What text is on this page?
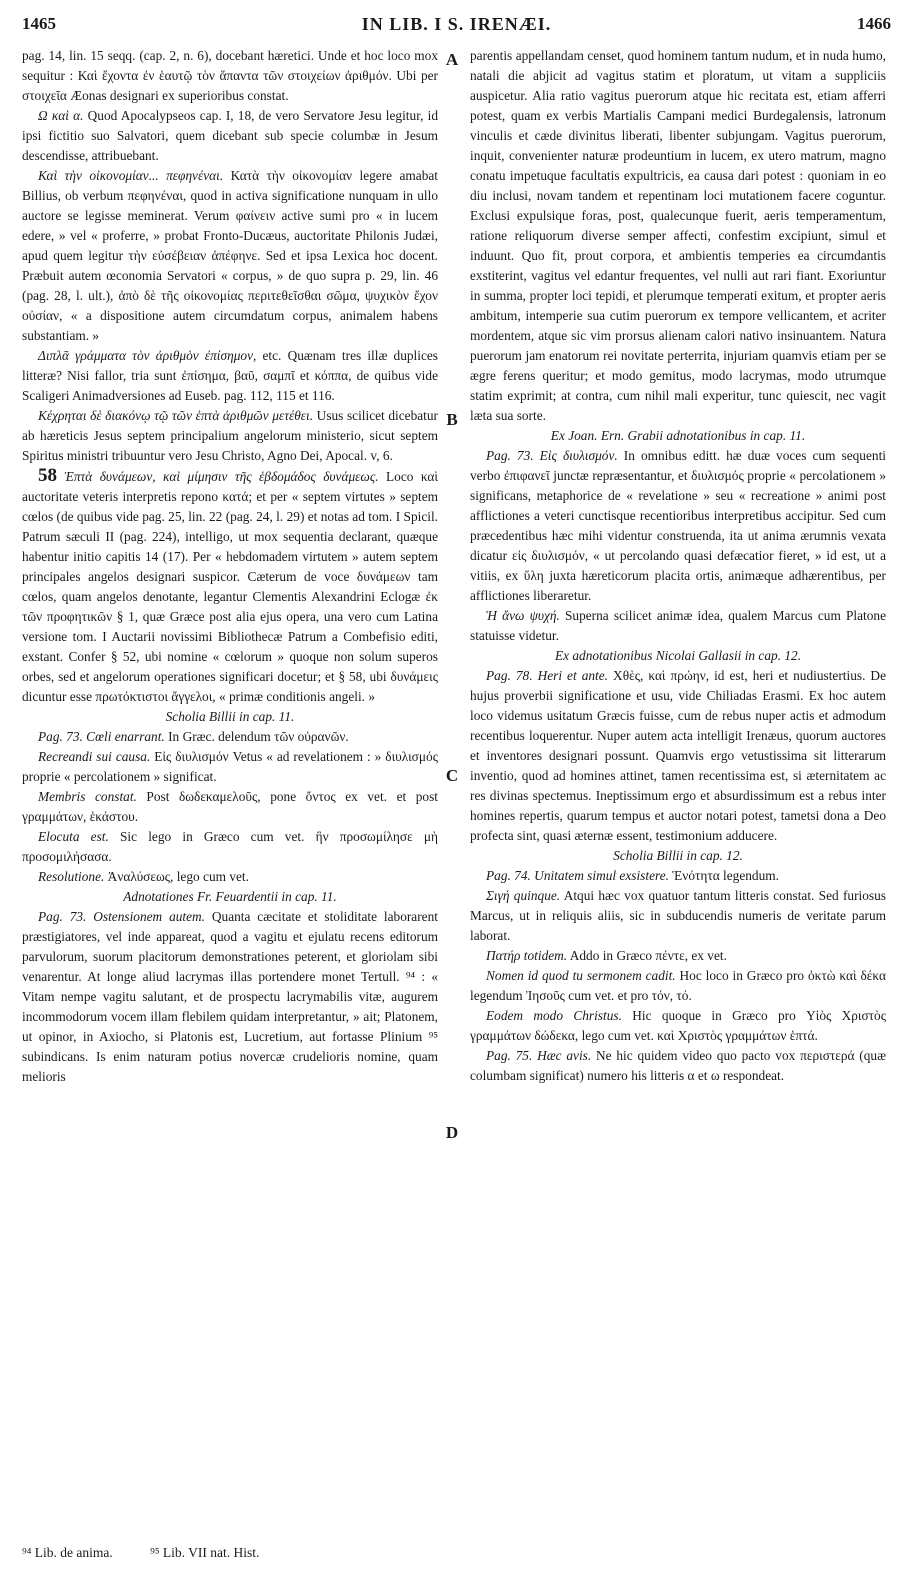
1465	IN LIB. I S. IRENÆI.	1466

pag. 14, lin. 15 seqq. (cap. 2, n. 6), docebant hæretici. Unde et hoc loco mox sequitur : Καὶ ἔχοντα ἐν ἑαυτῷ τὸν ἅπαντα τῶν στοιχείων ἀριθμόν. Ubi per στοιχεῖα Æonas designari ex superioribus constat.

Ω καὶ α. Quod Apocalypseos cap. I, 18, de vero Servatore Jesu legitur, id ipsi fictitio suo Salvatori, quem dicebant sub specie columbæ in Jesum descendisse, attribuebant.

Καὶ τὴν οἰκονομίαν... πεφηνέναι. Κατὰ τὴν οἰκονομίαν legere amabat Billius, ob verbum πεφηνέναι, quod in activa significatione nunquam in ullo auctore se legisse meminerat. Verum φαίνειν active sumi pro « in lucem edere, » vel « proferre, » probat Fronto-Ducæus, auctoritate Philonis Judæi, apud quem legitur τὴν εὐσέβειαν ἀπέφηνε. Sed et ipsa Lexica hoc docent. Præbuit autem œconomia Servatori « corpus, » de quo supra p. 29, lin. 46 (pag. 28, l. ult.), ἀπὸ δὲ τῆς οἰκονομίας περιτεθεῖσθαι σῶμα, ψυχικὸν ἔχον οὐσίαν, « a dispositione autem circumdatum corpus, animalem habens substantiam. »

Διπλᾶ γράμματα τὸν ἀριθμὸν ἐπίσημον, etc. Quænam tres illæ duplices litteræ? Nisi fallor, tria sunt ἐπίσημα, βαῦ, σαμπῖ et κόππα, de quibus vide Scaligeri Animadversiones ad Euseb. pag. 112, 115 et 116.

Κέχρηται δὲ διακόνῳ τῷ τῶν ἑπτὰ ἀριθμῶν μετέθει. Usus scilicet dicebatur ab hæreticis Jesus septem principalium angelorum ministerio, sicut septem Spiritus ministri tribuuntur vero Jesu Christo, Agno Dei, Apocal. v, 6.

58 Ἑπτὰ δυνάμεων, καὶ μίμησιν τῆς ἑβδομάδος δυνάμεως. Loco καὶ auctoritate veteris interpretis repono κατά; et per « septem virtutes » septem cœlos (de quibus vide pag. 25, lin. 22 (pag. 24, l. 29) et notas ad tom. I Spicil. Patrum sæculi II (pag. 224), intelligo, ut mox sequentia declarant, quæque habentur initio capitis 14 (17). Per « hebdomadem virtutem » autem septem principales angelos designari suspicor. Cæterum de voce δυνάμεων tam cœlos, quam angelos denotante, legantur Clementis Alexandrini Eclogæ ἐκ τῶν προφητικῶν § 1, quæ Græce post alia ejus opera, una vero cum Latina versione tom. I Auctarii novissimi Bibliothecæ Patrum a Combefisio editi, exstant. Confer § 52, ubi nomine « cœlorum » quoque non solum superos orbes, sed et angelorum operationes significari docetur; et § 58, ubi δυνάμεις dicuntur esse πρωτόκτιστοι ἄγγελοι, « primæ conditionis angeli. »

Scholia Billii in cap. 11.

Pag. 73. Cœli enarrant. In Græc. delendum τῶν οὐρανῶν.

Recreandi sui causa. Εἰς διυλισμόν Vetus « ad revelationem : » διυλισμός proprie « percolationem » significat.

Membris constat. Post δωδεκαμελοῦς, pone ὄντος ex vet. et post γραμμάτων, ἑκάστου.

Elocuta est. Sic lego in Græco cum vet. ἣν προσωμίλησε μὴ προσομιλήσασα.

Resolutione. Ἀναλύσεως, lego cum vet.

Adnotationes Fr. Feuardentii in cap. 11.

Pag. 73. Ostensionem autem. Quanta cæcitate et stoliditate laborarent præstigiatores, vel inde appareat, quod a vagitu et ejulatu recens editorum parvulorum, suorum placitorum demonstrationes peterent, et gloriolam sibi venarentur. At longe aliud lacrymas illas portendere monet Tertull. ⁹⁴ : « Vitam nempe vagitu salutant, et de prospectu lacrymabilis vitæ, augurem incommodorum vocem illam flebilem quidam interpretantur, » ait; Platonem, ut opinor, in Axiocho, si Platonis est, Lucretium, aut fortasse Plinium ⁹⁵ subindicans. Is enim naturam potius novercæ crudelioris nomine, quam melioris

A
B
C
D

parentis appellandam censet, quod hominem tantum nudum, et in nuda humo, natali die abjicit ad vagitus statim et ploratum, ut vitam a suppliciis auspicetur. Alia ratio vagitus puerorum atque hic recitata est, etiam afferri potest, quam ex verbis Martialis Campani medici Burdegalensis, latronum vinculis et cæde divinitus liberati, libenter subjungam. Vagitus puerorum, inquit, convenienter naturæ prodeuntium in lucem, ex utero matrum, magno conatu impetuque facultatis expultricis, ea causa dari potest : quoniam in eo diu inclusi, novam tandem et repentinam loci mutationem facere coguntur. Exclusi expulsique foras, post, qualecunque fuerit, aeris temperamentum, ratione reliquorum diverse semper affecti, confestim excipiunt, simul et induunt. Quo fit, prout corpora, et ambientis temperies ea circumdantis exstiterint, vagitus vel edantur frequentes, vel nulli aut rari fiant. Exoriuntur in summa, propter loci tepidi, et plerumque temperati exitum, et propter aeris ambitum, intemperie sua cutim puerorum ex tempore vellicantem, et acriter mordentem, atque sic vim prorsus alienam calori nativo insinuantem. Natura puerorum jam enatorum rei novitate perterrita, injuriam quamvis etiam per se ægre ferens queritur; et modo gemitus, modo lacrymas, modo utrumque statim exprimit; at contra, cum nihil mali experitur, tunc quiescit, nec vagit læta sua sorte.

Ex Joan. Ern. Grabii adnotationibus in cap. 11.

Pag. 73. Εἰς διυλισμόν. In omnibus editt. hæ duæ voces cum sequenti verbo ἐπιφανεῖ junctæ repræsentantur, et διυλισμός proprie « percolationem » significans, metaphorice de « revelatione » seu « recreatione » animi post afflictiones a veteri cunctisque recentioribus interpretibus accipitur. Sed cum præcedentibus hæc mihi videntur construenda, ita ut anima ærumnis vexata dicatur εἰς διυλισμόν, « ut percolando quasi defæcatior fieret, » id est, ut a vitiis, ex ὕλη juxta hæreticorum placita ortis, animæque adhærentibus, per afflictiones liberaretur.

Ἡ ἄνω ψυχή. Superna scilicet animæ idea, qualem Marcus cum Platone statuisse videtur.

Ex adnotationibus Nicolai Gallasii in cap. 12.

Pag. 78. Heri et ante. Χθὲς, καὶ πρώην, id est, heri et nudiustertius. De hujus proverbii significatione et usu, vide Chiliadas Erasmi. Ex hoc autem loco videmus usitatum Græcis fuisse, cum de rebus nuper actis et admodum recentibus loquerentur. Nuper autem acta intelligit Irenæus, quorum auctores et inventores designari possunt. Quamvis ergo vetustissima sit litterarum inventio, quod ad homines attinet, tamen recentissima est, si æternitatem ac res divinas spectemus. Ineptissimum ergo et absurdissimum est a rebus inter homines repertis, quarum tempus et auctor notari potest, tametsi dona a Deo profecta sint, quasi æternæ essent, testimonium adducere.

Scholia Billii in cap. 12.

Pag. 74. Unitatem simul exsistere. Ἑνότητα legendum.

Σιγή quinque. Atqui hæc vox quatuor tantum litteris constat. Sed furiosus Marcus, ut in reliquis aliis, sic in subducendis numeris de veritate parum laborat.

Πατήρ totidem. Addo in Græco πέντε, ex vet.

Nomen id quod tu sermonem cadit. Hoc loco in Græco pro ὀκτὼ καὶ δέκα legendum Ἰησοῦς cum vet. et pro τόν, τό.

Eodem modo Christus. Hic quoque in Græco pro Υἱὸς Χριστὸς γραμμάτων δώδεκα, lego cum vet. καὶ Χριστὸς γραμμάτων ἑπτά.

Pag. 75. Hæc avis. Ne hic quidem video quo pacto vox περιστερά (quæ columbam significat) numero his litteris α et ω respondeat.

⁹⁴ Lib. de anima.	⁹⁵ Lib. VII nat. Hist.
